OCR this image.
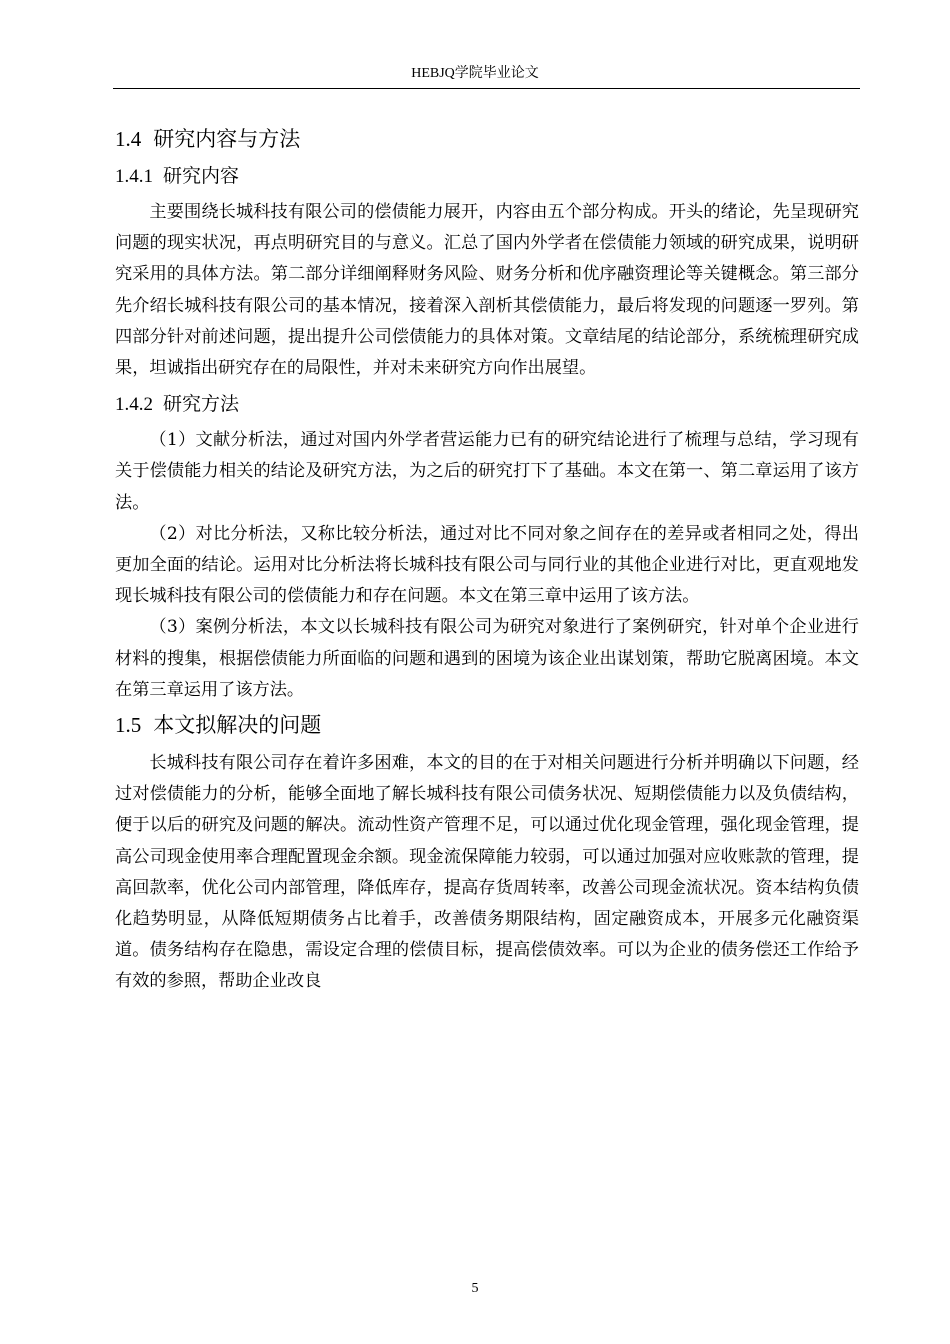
HEBJQ学院毕业论文
1.4 研究内容与方法
1.4.1 研究内容

主要围绕长城科技有限公司的偿债能力展开，内容由五个部分构成。开头的绪论，先呈现研究问题的现实状况，再点明研究目的与意义。汇总了国内外学者在偿债能力领域的研究成果，说明研究采用的具体方法。第二部分详细阐释财务风险、财务分析和优序融资理论等关键概念。第三部分先介绍长城科技有限公司的基本情况，接着深入剖析其偿债能力，最后将发现的问题逐一罗列。第四部分针对前述问题，提出提升公司偿债能力的具体对策。文章结尾的结论部分，系统梳理研究成果，坦诚指出研究存在的局限性，并对未来研究方向作出展望。

1.4.2 研究方法

（1）文献分析法，通过对国内外学者营运能力已有的研究结论进行了梳理与总结，学习现有关于偿债能力相关的结论及研究方法，为之后的研究打下了基础。本文在第一、第二章运用了该方法。

（2）对比分析法，又称比较分析法，通过对比不同对象之间存在的差异或者相同之处，得出更加全面的结论。运用对比分析法将长城科技有限公司与同行业的其他企业进行对比，更直观地发现长城科技有限公司的偿债能力和存在问题。本文在第三章中运用了该方法。

（3）案例分析法，本文以长城科技有限公司为研究对象进行了案例研究，针对单个企业进行材料的搜集，根据偿债能力所面临的问题和遇到的困境为该企业出谋划策，帮助它脱离困境。本文在第三章运用了该方法。

1.5 本文拟解决的问题

长城科技有限公司存在着许多困难，本文的目的在于对相关问题进行分析并明确以下问题，经过对偿债能力的分析，能够全面地了解长城科技有限公司债务状况、短期偿债能力以及负债结构，便于以后的研究及问题的解决。流动性资产管理不足，可以通过优化现金管理，强化现金管理，提高公司现金使用率合理配置现金余额。现金流保障能力较弱，可以通过加强对应收账款的管理，提高回款率，优化公司内部管理，降低库存，提高存货周转率，改善公司现金流状况。资本结构负债化趋势明显，从降低短期债务占比着手，改善债务期限结构，固定融资成本，开展多元化融资渠道。债务结构存在隐患，需设定合理的偿债目标，提高偿债效率。可以为企业的债务偿还工作给予有效的参照，帮助企业改良

5
